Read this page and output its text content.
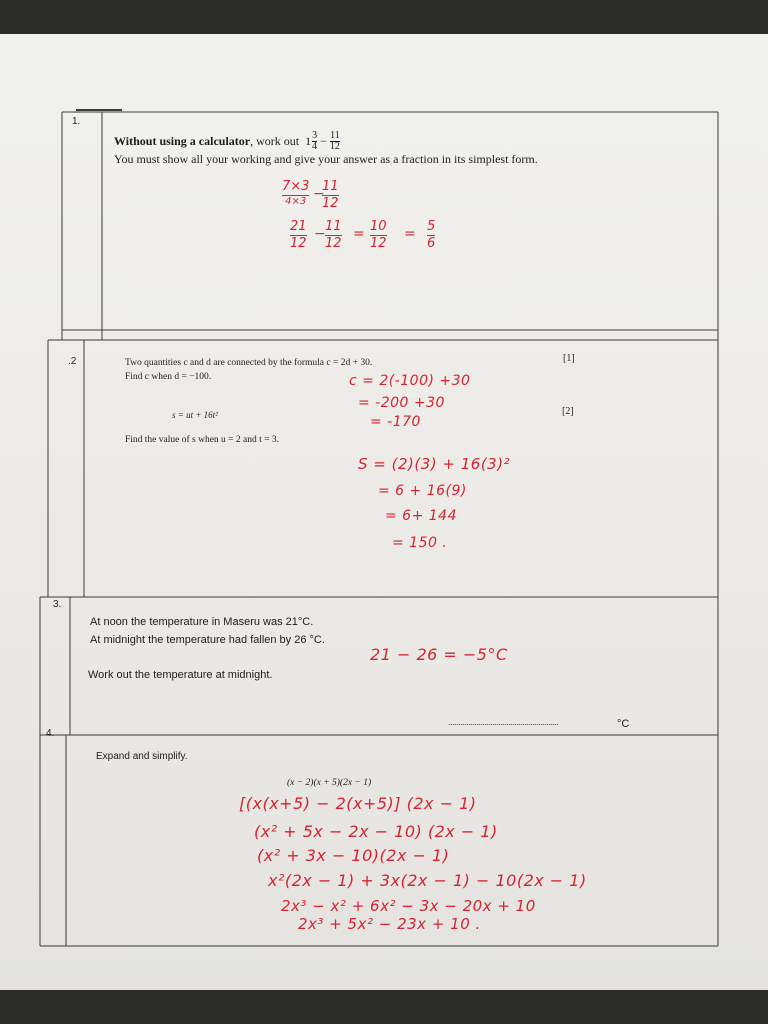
1.
Without using a calculator , work out $1 \frac{3}{4} - \frac{11}{12}$
You must show all your working and give your answer as a fraction in its simplest form.
7×3
4×3 −
11
12
21
12
− 11
12
= 10
12
= 5
6
.2	Two quantities c and d are connected by the formula c = 2d + 30.
Find c when d = −100.
[1]
s = ut + 16t²	[2]
Find the value of s when u = 2 and t = 3.
c = 2(-100) +30
= -200 +30
= -170
S = (2)(3) + 16(3)²
= 6 + 16(9)
= 6+ 144
= 150 .
3.
At noon the temperature in Maseru was 21°C.
At midnight the temperature had fallen by 26 °C.
Work out the temperature at midnight.
21 − 26 = −5°C
.......................................................	°C
4.
Expand and simplify.
(x − 2)(x + 5)(2x − 1)
[(x(x+5) − 2(x+5)] (2x − 1)
(x² + 5x − 2x − 10) (2x − 1)
(x² + 3x − 10)(2x − 1)
x²(2x − 1) + 3x(2x − 1) − 10(2x − 1)
2x³ − x² + 6x² − 3x − 20x + 10
2x³ + 5x² − 23x + 10 .
